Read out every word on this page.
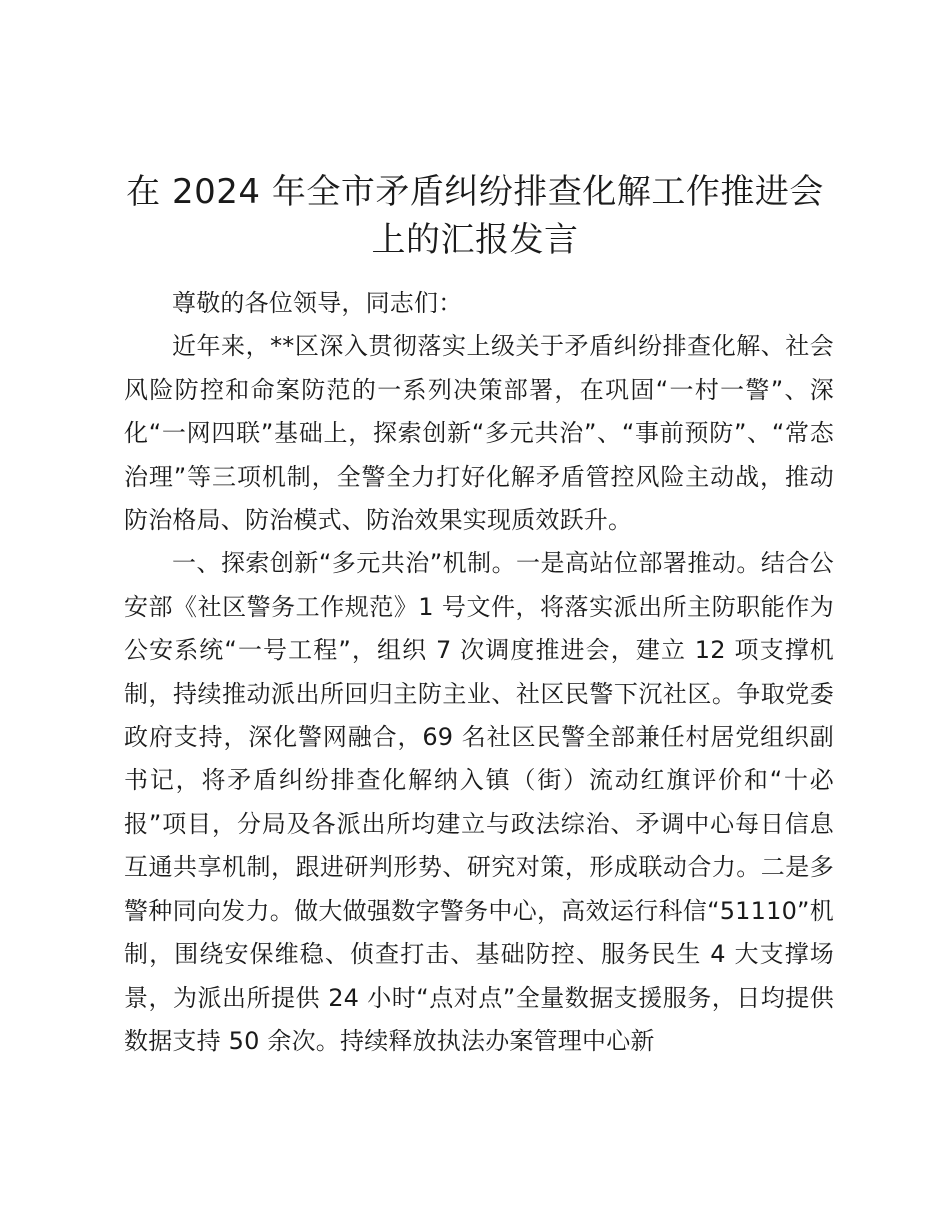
在 2024 年全市矛盾纠纷排查化解工作推进会上的汇报发言

尊敬的各位领导，同志们：

近年来，**区深入贯彻落实上级关于矛盾纠纷排查化解、社会风险防控和命案防范的一系列决策部署，在巩固“一村一警”、深化“一网四联”基础上，探索创新“多元共治”、“事前预防”、“常态治理”等三项机制，全警全力打好化解矛盾管控风险主动战，推动防治格局、防治模式、防治效果实现质效跃升。

一、探索创新“多元共治”机制。一是高站位部署推动。结合公安部《社区警务工作规范》1 号文件，将落实派出所主防职能作为公安系统“一号工程”，组织 7 次调度推进会，建立 12 项支撑机制，持续推动派出所回归主防主业、社区民警下沉社区。争取党委政府支持，深化警网融合，69 名社区民警全部兼任村居党组织副书记，将矛盾纠纷排查化解纳入镇（街）流动红旗评价和“十必报”项目，分局及各派出所均建立与政法综治、矛调中心每日信息互通共享机制，跟进研判形势、研究对策，形成联动合力。二是多警种同向发力。做大做强数字警务中心，高效运行科信“51110”机制，围绕安保维稳、侦查打击、基础防控、服务民生 4 大支撑场景，为派出所提供 24 小时“点对点”全量数据支援服务，日均提供数据支持 50 余次。持续释放执法办案管理中心新
